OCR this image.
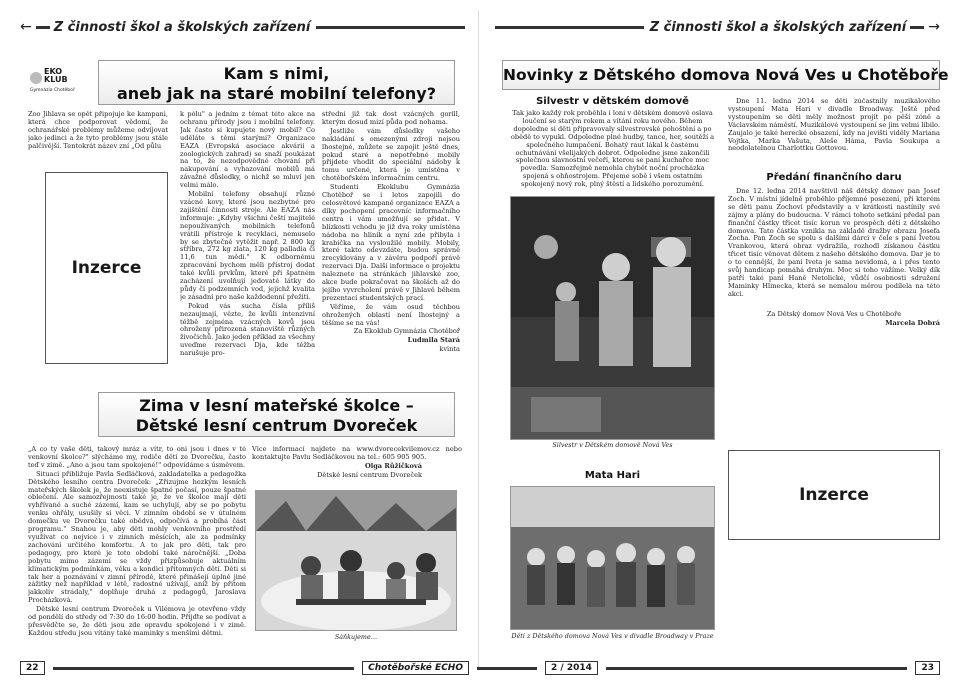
← Z činnosti škol a školských zařízení	Z činnosti škol a školských zařízení →
EKO
KLUB
Gymnázia Chotěboř
Kam s nimi,
aneb jak na staré mobilní telefony?

Zoo Jihlava se opět připojuje ke kampani, která chce podporovat vědomí, že ochranářské problémy můžeme odvíjovat jako jedinci a že tyto problémy jsou stále palčivější. Tentokrát název zní „Od půlu

Inzerce

k pólu" a jedním z témat této akce na ochranu přírody jsou i mobilní telefony. Jak často si kupujete nový mobil? Co uděláte s těmi starými? Organizace EAZA (Evropská asociace akvárií a zoologických zahrad) se snaží poukázat na to, že nezodpovědné chování při nakupování a vyhazování mobilů má závažné důsledky, o nichž se mluví jen velmi málo.

Mobilní telefony obsahují různé vzácné kovy, které jsou nezbytné pro zajištění činnosti stroje. Ale EAZA nás informuje: „Kdyby všichni čeští majitelé nepoužívaných mobilních telefonů vrátili přístroje k recyklaci, nemuselo by se zbytečně vytěžit např. 2 800 kg stříbra, 272 kg zlata, 120 kg palladia či 11,6 tun mědi." K odbornému zpracování bychom měli přístroj dodat také kvůli prvkům, které při špatném zacházení uvolňují jedovaté látky do půdy či podzemních vod, jejichž kvalita je zásadní pro naše každodenní přežití.

Pokud vás sucha čísla příliš nezaujmají, vězte, že kvůli intenzivní těžbě zejména vzácných kovů jsou ohroženy přirozená stanoviště různých živočichů. Jako jeden příklad za všechny uveďme rezervaci Dja, kde těžba narušuje pro-

střední již tak dost vzácných gorill, kterým dosud mizí půda pod nohama.

Jestliže vám důsledky vašeho nakládání s omezenými zdroji nejsou lhostejné, můžete se zapojit ještě dnes, pokud staré a nepotřebné mobily přijdete vhodit do speciální nádoby k tomu určené, která je umístěna v chotěbořském informačním centru.

Studenti Ekoklubu Gymnázia Chotěboř se i letos zapojili do celosvětové kampaně organizace EAZA a díky pochopení pracovníc informačního centra i vám umožňují se přidat. V blízkosti vchodu je již dva roky umístěna nádoba na hliník a nyní zde přibyla i krabička na vysloužilé mobily. Mobily, které takto odevzdáte, budou správně zrecyklovány a v závěru podpoří právě rezervaci Dja. Další informace o projektu naleznete na stránkách jihlavské zoo, akce bude pokračovat na školách až do jejího vyvrcholení právě v Jihlavě během prezentací studentských prací.

Věříme, že vám osud těchbou ohrožených oblastí není lhostejný a těšíme se na vás!

Za Ekoklub Gymnázia Chotěboř

Ludmila Stará

kvinta

Zima v lesní mateřské školce –
Dětské lesní centrum Dvoreček

„A co ty vaše děti, takový mráz a vítr, to oni jsou i dnes v té venkovní školce?" slýcháme my, rodiče dětí ze Dvorečku, často teď v zimě. „Ano a jsou tam spokojené!" odpovídáme s úsměvem.

Situaci přibližuje Pavla Sedláčková, zakladatelka a pedagožka Dětského lesního centra Dvoreček: „Zřizujme hezkým lesních mateřských školek je, že neexistuje špatné počasí, pouze špatné oblečení. Ale samozřejmostí také je, že ve školce mají děti vyhřívané a suché zázemí, kam se uchylují, aby se po pobytu venku ohřály, usušily si věci. V zimním období se v útulném domečku ve Dvorečku také obědvá, odpočívá a probíhá část programu." Snahou je, aby děti mohly venkovního prostředí využívat co nejvíce i v zimních měsících, ale za podmínky zachování určitého komfortu. A to jak pro děti, tak pro pedagogy, pro které je toto období také náročnější. „Doba pobytu mimo zázemí se vždy přizpůsobuje aktuálním klimatickým podmínkám, věku a kondici přítomných dětí. Děti si tak her a poznávání v zimní přírodě, které přinášejí úplně jiné zážitky než například v létě, radostné užívají, aniž by přitom jakkoliv strádaly," doplňuje druhá z pedagogů, Jaroslava Procházková.

Dětské lesní centrum Dvoreček u Vilémova je otevřeno vždy od pondělí do středy od 7:30 do 16:00 hodin. Přijďte se podívat a přesvědčte se, že děti jsou zde opravdu spokojené i v zimě. Každou středu jsou vítány také maminky s menšími dětmi.

Více informací najdete na www.dvorecekvilemov.cz nebo kontaktujte Pavlu Sedláčkovou na tel.: 605 905 905.

Olga Růžičková

Dětské lesní centrum Dvoreček

Sáňkujeme…
Novinky z Dětského domova Nová Ves u Chotěboře
Silvestr v dětském domově

Tak jako každý rok proběhla i loni v dětském domově oslava loučení se starým rokem a vítání roku nového. Během dopoledne si děti připravovaly silvestrovské pohoštění a po obědě to vypukl. Odpoledne plné hudby, tance, her, soutěží a společného lumpačení. Bohatý raut lákal k častému ochutnávání všelijakých dobrot. Odpoledne jsme zakončili společnou slavnostní večeří, kterou se paní kuchařce moc povedla. Samozřejmě nemohla chybět noční procházka spojená s ohňostrojem. Přejeme sobě i všem ostatním spokojený nový rok, plný štěstí a lidského porozumění.

Silvestr v Dětském domově Nová Ves
Mata Hari
Děti z Dětského domova Nová Ves v divadle Broadway v Praze

Dne 11. ledna 2014 se děti zúčastnily muzikálového vystoupení Mata Hari v divadle Broadway. Ještě před vystoupením se děti měly možnost projít po pěší zóně a Václavském náměstí. Muzikálové vystoupení se jim velmi líbilo. Zaujalo je také herecké obsazení, kdy na jevišti viděly Mariana Vojtka, Marka Vašuta, Aleše Háma, Pavla Soukupa a neodolatelnou Charlottku Gottovou.

Předání finančního daru

Dne 12. ledna 2014 navštívil náš dětský domov pan Josef Zoch. V místní jídelně proběhlo příjemné posezení, při kterém se děti panu Zochovi představily a v krátkosti nastínily své zájmy a plány do budoucna. V rámci tohoto setkání předal pan finanční částky třicet tisíc korun ve prospěch dětí z dětského domova. Tato částka vznikla na základě dražby obrazu Josefa Zocha. Pan Zoch se spolu s dalšími dárci v čele s paní Ivetou Vrankovou, která obraz vydražila, rozhodl získanou částku třicet tisíc věnovat dětem z našeho dětského domova. Dar je to o to cennější, že paní Iveta je sama nevidomá, a i přes tento svůj handicap pomáhá druhým. Moc si toho vážíme. Velký dík patří také paní Haně Netolické, vůdčí osobnosti sdružení Maminky Hlinecka, která se nemalou měrou podílela na této akci.

Za Dětský domov Nová Ves u Chotěboře

Marcela Dobrá

Inzerce
22	Chotěbořské ECHO	2 / 2014	23
